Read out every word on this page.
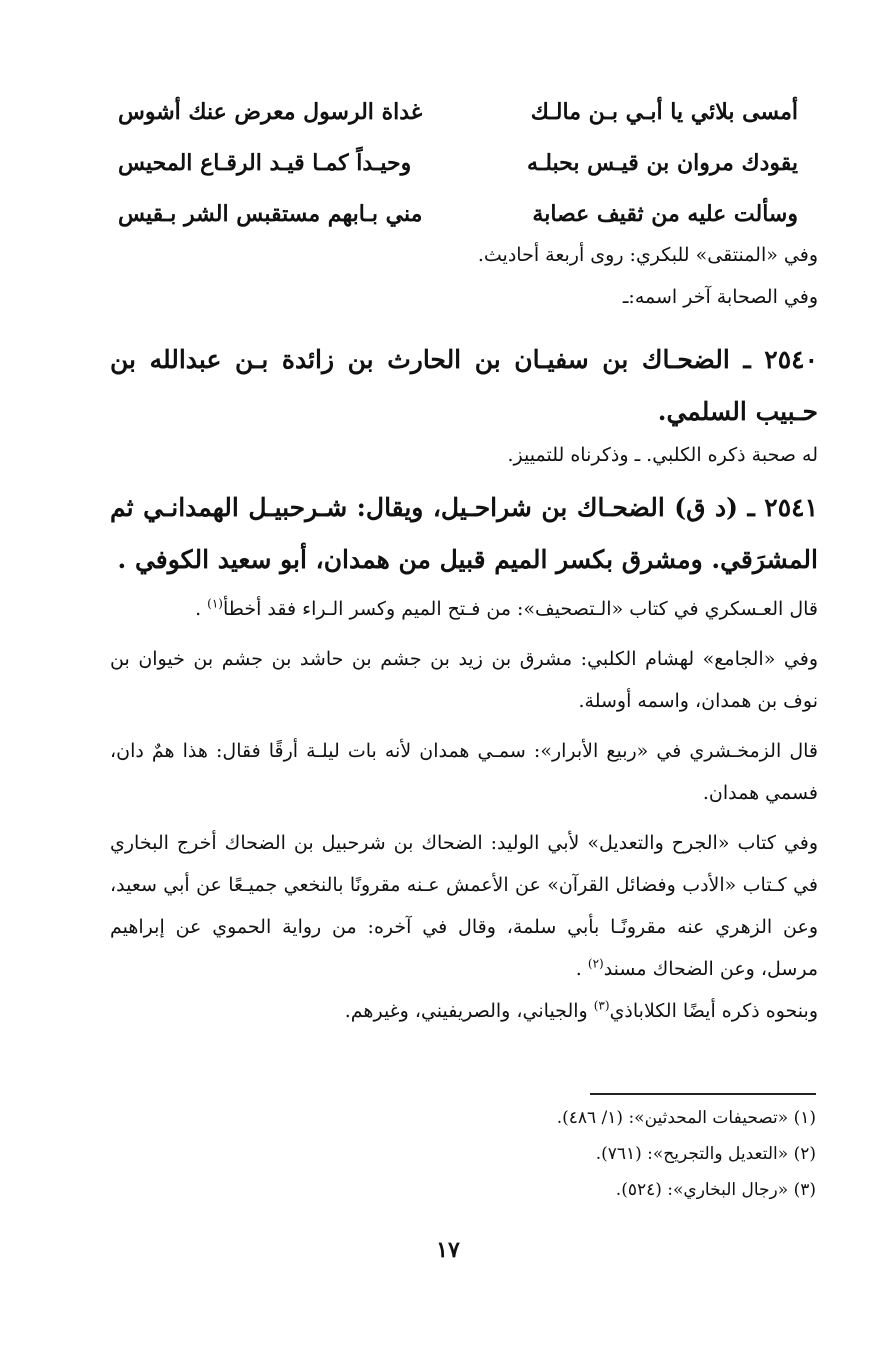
أمسى بلائي يا أبـي بـن مالـك
غداة الرسول معرض عنك أشوس
يقودك مروان بن قيـس بحبلـه
وحيـداً كمـا قيـد الرقـاع المحيس
وسألت عليه من ثقيف عصابة
مني بـابهم مستقبس الشر بـقيس

وفي «المنتقى» للبكري: روى أربعة أحاديث.

وفي الصحابة آخر اسمه:ـ

٢٥٤٠ ـ الضحـاك بن سفيـان بن الحارث بن زائدة بـن عبدالله بن حـبيب السلمي.

له صحبة ذكره الكلبي. ـ وذكرناه للتمييز.

٢٥٤١ ـ (د ق) الضحـاك بن شراحـيل، ويقال: شـرحبيـل الهمدانـي ثم المشرَقي. ومشرق بكسر الميم قبيل من همدان، أبو سعيد الكوفي .

قال العـسكري في كتاب «الـتصحيف»: من فـتح الميم وكسر الـراء فقد أخطأ$^{(١)}$ .

وفي «الجامع» لهشام الكلبي: مشرق بن زيد بن جشم بن حاشد بن جشم بن خيوان بن نوف بن همدان، واسمه أوسلة.

قال الزمخـشري في «ربيع الأبرار»: سمـي همدان لأنه بات ليلـة أرقًا فقال: هذا همٌ دان، فسمي همدان.

وفي كتاب «الجرح والتعديل» لأبي الوليد: الضحاك بن شرحبيل بن الضحاك أخرج البخاري في كـتاب «الأدب وفضائل القرآن» عن الأعمش عـنه مقرونًا بالنخعي جميـعًا عن أبي سعيد، وعن الزهري عنه مقرونًـا بأبي سلمة، وقال في آخره: من رواية الحموي عن إبراهيم مرسل، وعن الضحاك مسند$^{(٢)}$ .

وبنحوه ذكره أيضًا الكلاباذي$^{(٣)}$ والجياني، والصريفيني، وغيرهم.

(١) «تصحيفات المحدثين»: (١/ ٤٨٦).
(٢) «التعديل والتجريح»: (٧٦١).
(٣) «رجال البخاري»: (٥٢٤).
١٧
